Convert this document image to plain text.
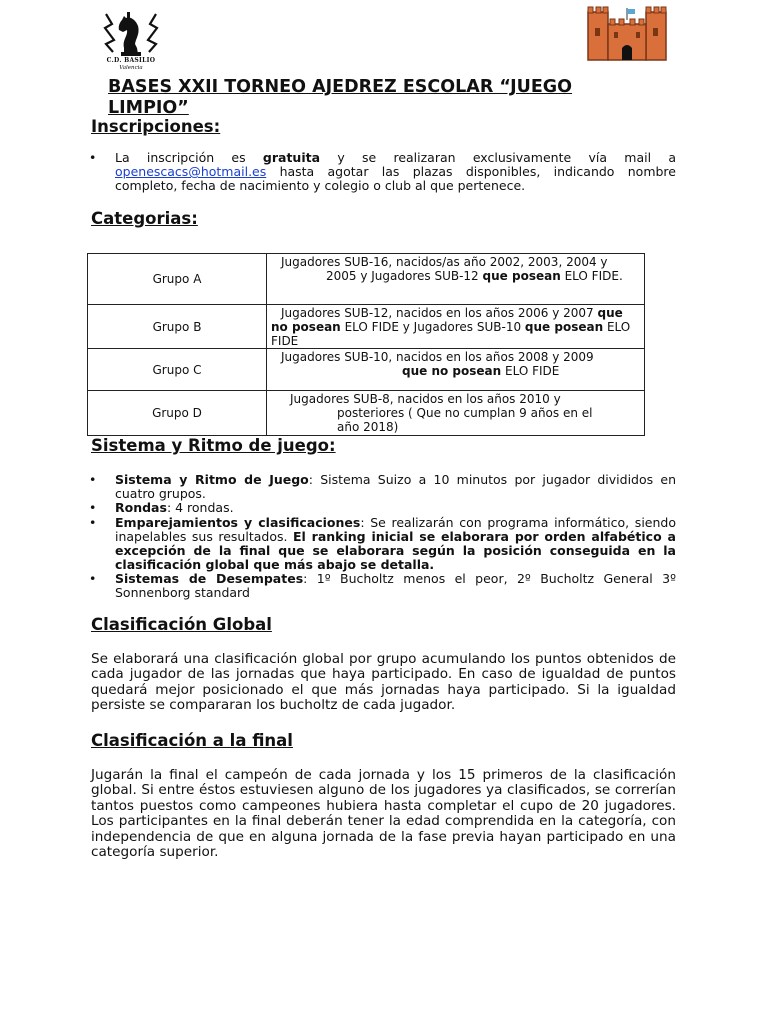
C.D. BASILIO
Valencia
BASES XXII TORNEO AJEDREZ ESCOLAR “JUEGO LIMPIO”
Inscripciones:

• La inscripción es gratuita y se realizaran exclusivamente vía mail a openescacs@hotmail.es hasta agotar las plazas disponibles, indicando nombre completo, fecha de nacimiento y colegio o club al que pertenece.

Categorias:
Grupo A	Jugadores SUB-16, nacidos/as año 2002, 2003, 2004 y
2005 y Jugadores SUB-12 que posean ELO FIDE.

Grupo B	Jugadores SUB-12, nacidos en los años 2006 y 2007 que
no posean ELO FIDE y Jugadores SUB-10 que posean ELO
FIDE

Grupo C	Jugadores SUB-10, nacidos en los años 2008 y 2009
que no posean ELO FIDE

Grupo D	Jugadores SUB-8, nacidos en los años 2010 y
posteriores ( Que no cumplan 9 años en el
año 2018)
Sistema y Ritmo de juego:

• Sistema y Ritmo de Juego: Sistema Suizo a 10 minutos por jugador divididos en cuatro grupos.

• Rondas: 4 rondas.

• Emparejamientos y clasificaciones: Se realizarán con programa informático, siendo inapelables sus resultados. El ranking inicial se elaborara por orden alfabético a excepción de la final que se elaborara según la posición conseguida en la clasificación global que más abajo se detalla.

• Sistemas de Desempates: 1º Bucholtz menos el peor, 2º Bucholtz General 3º Sonnenborg standard

Clasificación Global

Se elaborará una clasificación global por grupo acumulando los puntos obtenidos de cada jugador de las jornadas que haya participado. En caso de igualdad de puntos quedará mejor posicionado el que más jornadas haya participado. Si la igualdad persiste se compararan los bucholtz de cada jugador.

Clasificación a la final

Jugarán la final el campeón de cada jornada y los 15 primeros de la clasificación global. Si entre éstos estuviesen alguno de los jugadores ya clasificados, se correrían tantos puestos como campeones hubiera hasta completar el cupo de 20 jugadores. Los participantes en la final deberán tener la edad comprendida en la categoría, con independencia de que en alguna jornada de la fase previa hayan participado en una categoría superior.
